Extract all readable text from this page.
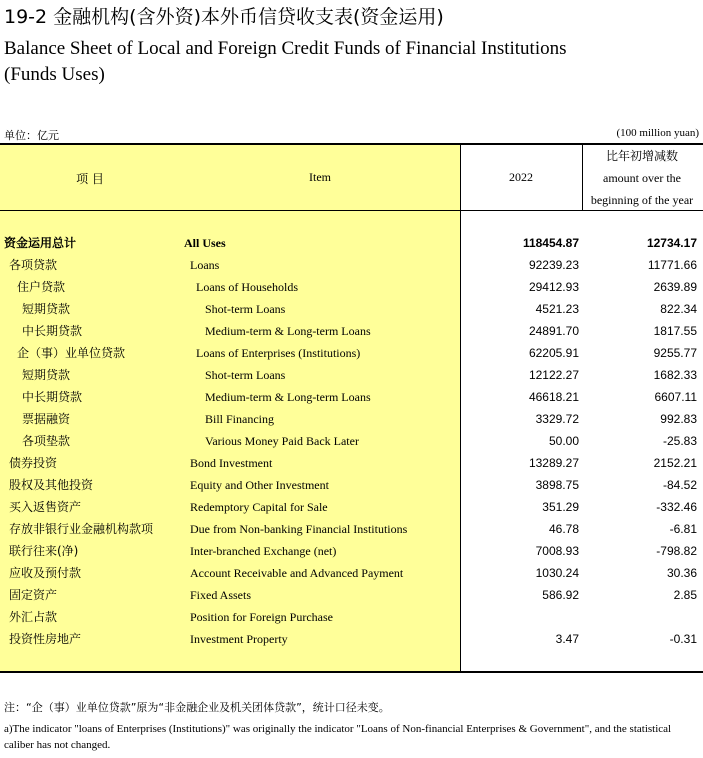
19-2 金融机构(含外资)本外币信贷收支表(资金运用)
Balance Sheet of Local and Foreign Credit Funds of Financial Institutions
(Funds Uses)
单位：亿元	(100 million yuan)
项 目	Item	2022
比年初增减数
amount over the
beginning of the year
资金运用总计	All Uses	118454.87	12734.17
各项贷款	Loans	92239.23	11771.66
住户贷款	Loans of Households	29412.93	2639.89
短期贷款	Shot-term Loans	4521.23	822.34
中长期贷款	Medium-term & Long-term Loans	24891.70	1817.55
企（事）业单位贷款	Loans of Enterprises (Institutions)	62205.91	9255.77
短期贷款	Shot-term Loans	12122.27	1682.33
中长期贷款	Medium-term & Long-term Loans	46618.21	6607.11
票据融资	Bill Financing	3329.72	992.83
各项垫款	Various Money Paid Back Later	50.00	-25.83
债券投资	Bond Investment	13289.27	2152.21
股权及其他投资	Equity and Other Investment	3898.75	-84.52
买入返售资产	Redemptory Capital for Sale	351.29	-332.46
存放非银行业金融机构款项	Due from Non-banking Financial Institutions	46.78	-6.81
联行往来(净)	Inter-branched Exchange (net)	7008.93	-798.82
应收及预付款	Account Receivable and Advanced Payment	1030.24	30.36
固定资产	Fixed Assets	586.92	2.85
外汇占款	Position for Foreign Purchase
投资性房地产	Investment Property	3.47	-0.31
注：“企（事）业单位贷款”原为“非金融企业及机关团体贷款”，统计口径未变。
a)The indicator "loans of Enterprises (Institutions)" was originally the indicator "Loans of Non-financial Enterprises & Government", and the statistical caliber has not changed.
